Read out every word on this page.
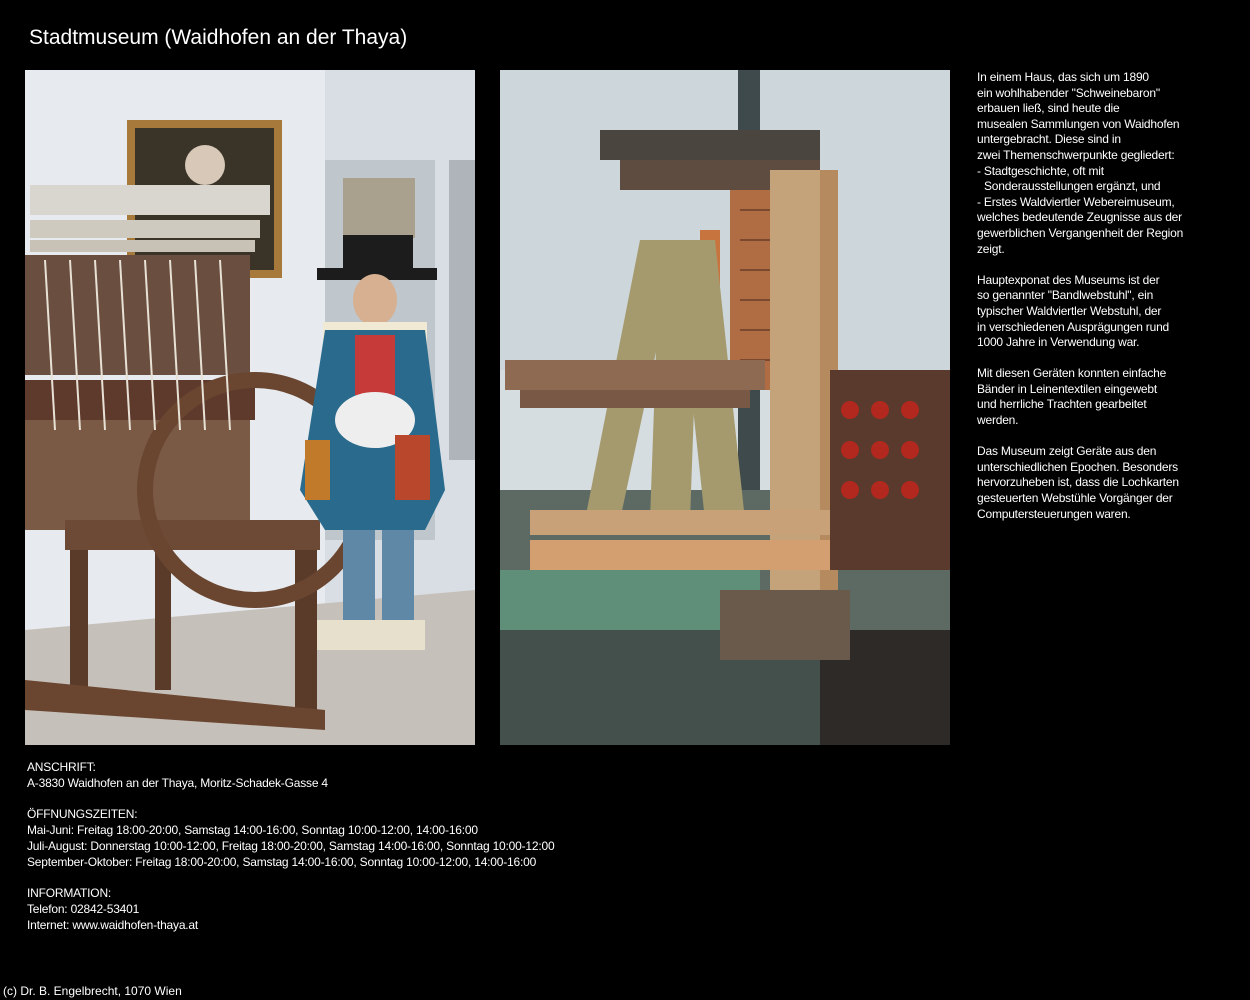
Stadtmuseum (Waidhofen an der Thaya)
In einem Haus, das sich um 1890
ein wohlhabender "Schweinebaron"
erbauen ließ, sind heute die
musealen Sammlungen von Waidhofen
untergebracht. Diese sind in
zwei Themenschwerpunkte gegliedert:
- Stadtgeschichte, oft mit
Sonderausstellungen ergänzt, und
- Erstes Waldviertler Webereimuseum,
welches bedeutende Zeugnisse aus der
gewerblichen Vergangenheit der Region
zeigt.
Hauptexponat des Museums ist der
so genannter "Bandlwebstuhl", ein
typischer Waldviertler Webstuhl, der
in verschiedenen Ausprägungen rund
1000 Jahre in Verwendung war.
Mit diesen Geräten konnten einfache
Bänder in Leinentextilen eingewebt
und herrliche Trachten gearbeitet
werden.
Das Museum zeigt Geräte aus den
unterschiedlichen Epochen. Besonders
hervorzuheben ist, dass die Lochkarten
gesteuerten Webstühle Vorgänger der
Computersteuerungen waren.
ANSCHRIFT:
A-3830 Waidhofen an der Thaya, Moritz-Schadek-Gasse 4
ÖFFNUNGSZEITEN:
Mai-Juni: Freitag 18:00-20:00, Samstag 14:00-16:00, Sonntag 10:00-12:00, 14:00-16:00
Juli-August: Donnerstag 10:00-12:00, Freitag 18:00-20:00, Samstag 14:00-16:00, Sonntag 10:00-12:00
September-Oktober: Freitag 18:00-20:00, Samstag 14:00-16:00, Sonntag 10:00-12:00, 14:00-16:00
INFORMATION:
Telefon: 02842-53401
Internet: www.waidhofen-thaya.at
(c) Dr. B. Engelbrecht, 1070 Wien
